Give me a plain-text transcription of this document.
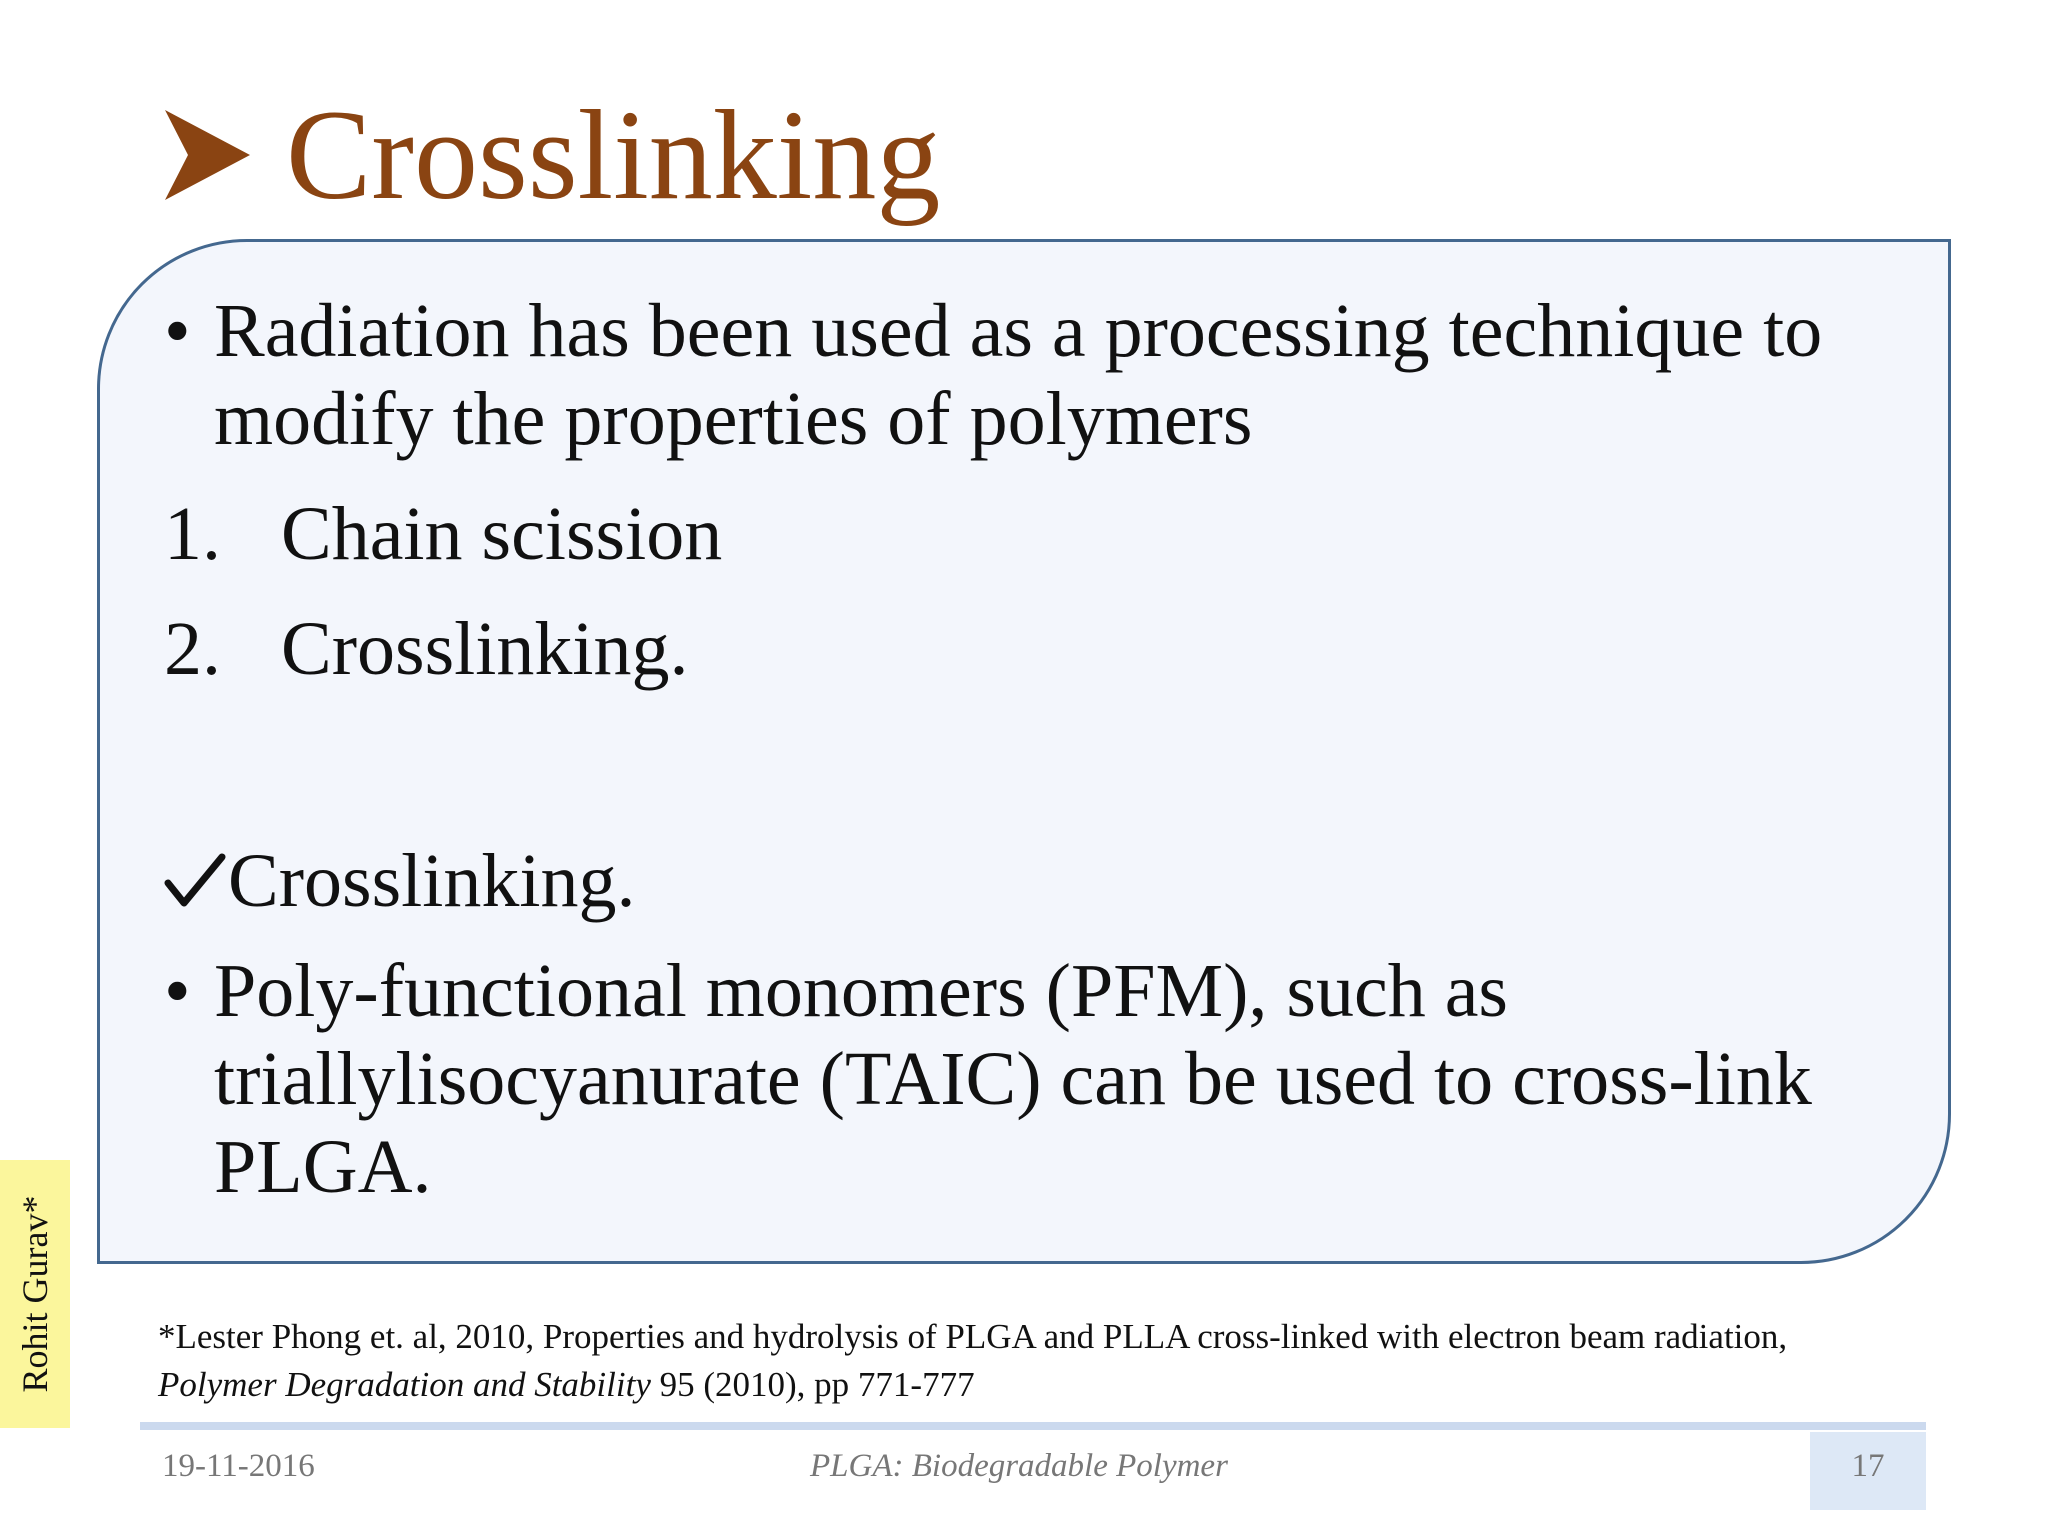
Crosslinking
• Radiation has been used as a processing technique to modify the properties of polymers
1. Chain scission
2. Crosslinking.
Crosslinking.
• Poly-functional monomers (PFM), such as triallylisocyanurate (TAIC) can be used to cross-link PLGA.
*Lester Phong et. al, 2010, Properties and hydrolysis of PLGA and PLLA cross-linked with electron beam radiation, Polymer Degradation and Stability 95 (2010), pp 771-777
Rohit Gurav*
19-11-2016	PLGA: Biodegradable Polymer	17
